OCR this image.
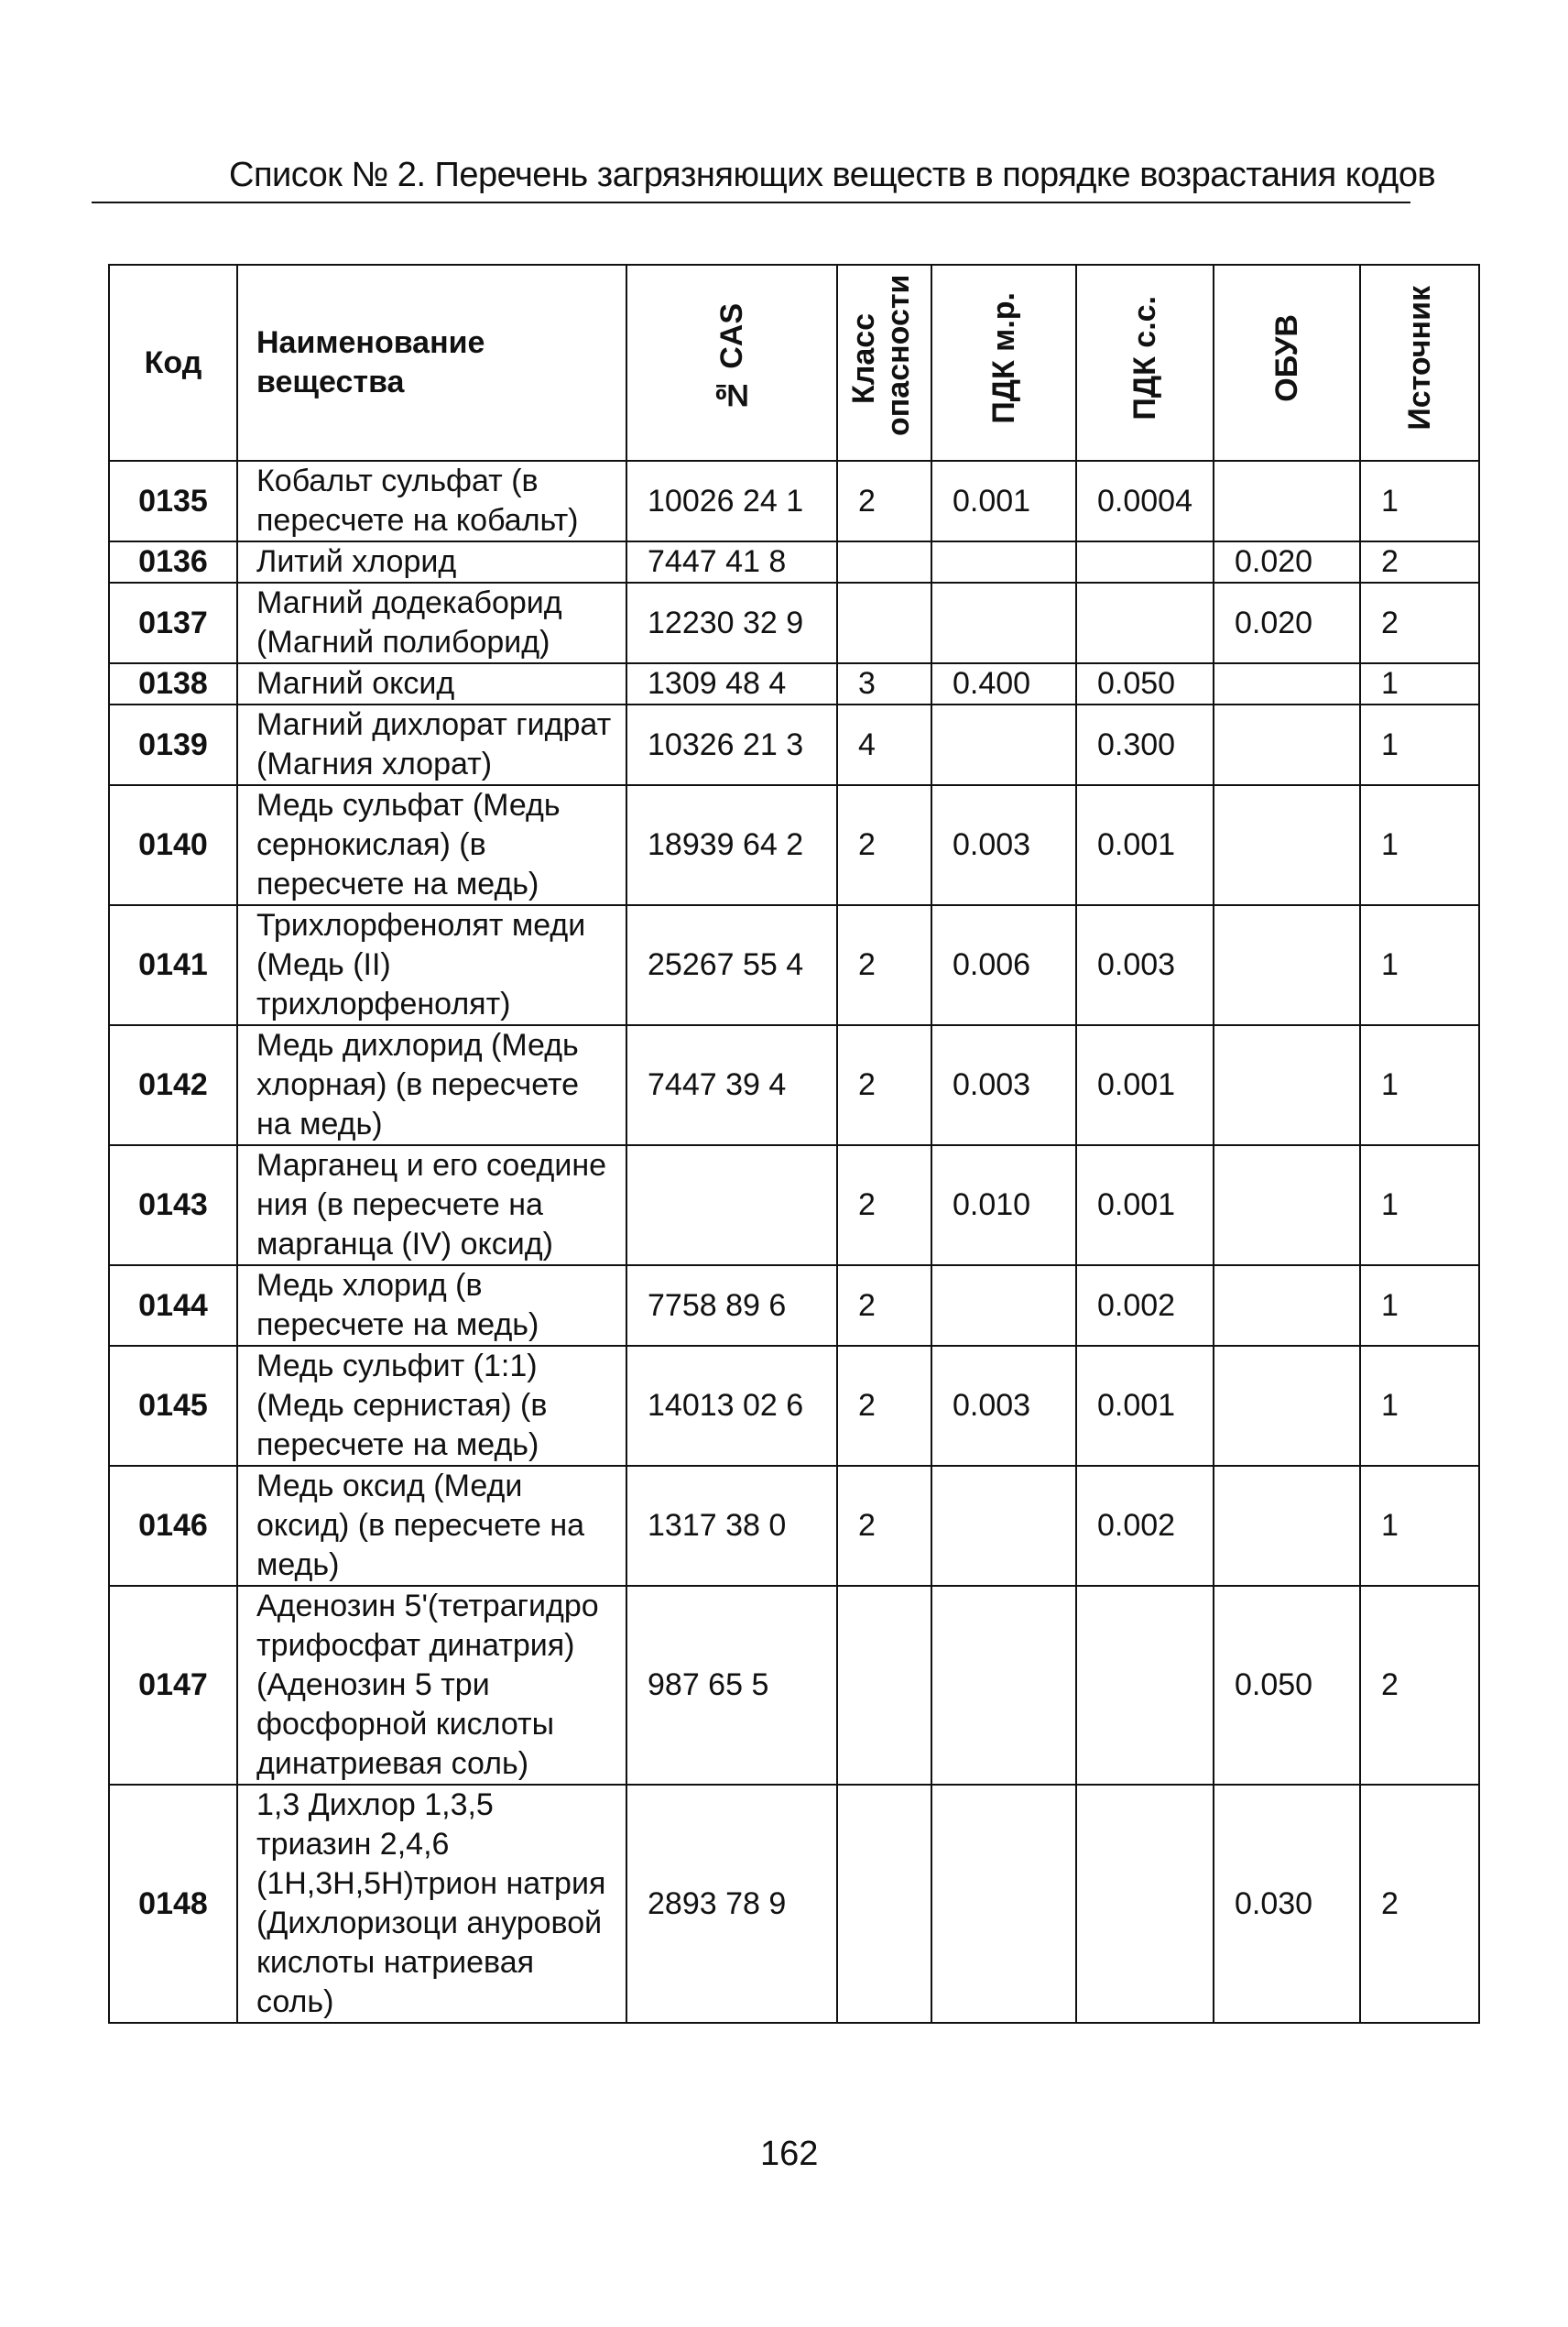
Список № 2. Перечень загрязняющих веществ в порядке возрастания кодов
Код	Наименование вещества	№ CAS	Класс опасности	ПДК м.р.	ПДК с.с.	ОБУВ	Источник
0135	Кобальт сульфат (в пересчете на кобальт)	10026 24 1	2	0.001	0.0004		1
0136	Литий хлорид	7447 41 8				0.020	2
0137	Магний додекаборид (Магний полиборид)	12230 32 9				0.020	2
0138	Магний оксид	1309 48 4	3	0.400	0.050		1
0139	Магний дихлорат гидрат (Магния хлорат)	10326 21 3	4		0.300		1
0140	Медь сульфат (Медь сернокислая) (в пересчете на медь)	18939 64 2	2	0.003	0.001		1
0141	Трихлорфенолят меди (Медь (II) трихлорфенолят)	25267 55 4	2	0.006	0.003		1
0142	Медь дихлорид (Медь хлорная) (в пересчете на медь)	7447 39 4	2	0.003	0.001		1
0143	Марганец и его соедине ния (в пересчете на марганца (IV) оксид)		2	0.010	0.001		1
0144	Медь хлорид (в пересчете на медь)	7758 89 6	2		0.002		1
0145	Медь сульфит (1:1) (Медь сернистая) (в пересчете на медь)	14013 02 6	2	0.003	0.001		1
0146	Медь оксид (Меди оксид) (в пересчете на медь)	1317 38 0	2		0.002		1
0147	Аденозин 5'(тетрагидро трифосфат динатрия) (Аденозин 5 три фосфорной кислоты динатриевая соль)	987 65 5				0.050	2
0148	1,3 Дихлор 1,3,5 триазин 2,4,6 (1Н,3Н,5Н)трион натрия (Дихлоризоци ануровой кислоты натриевая соль)	2893 78 9				0.030	2
162
